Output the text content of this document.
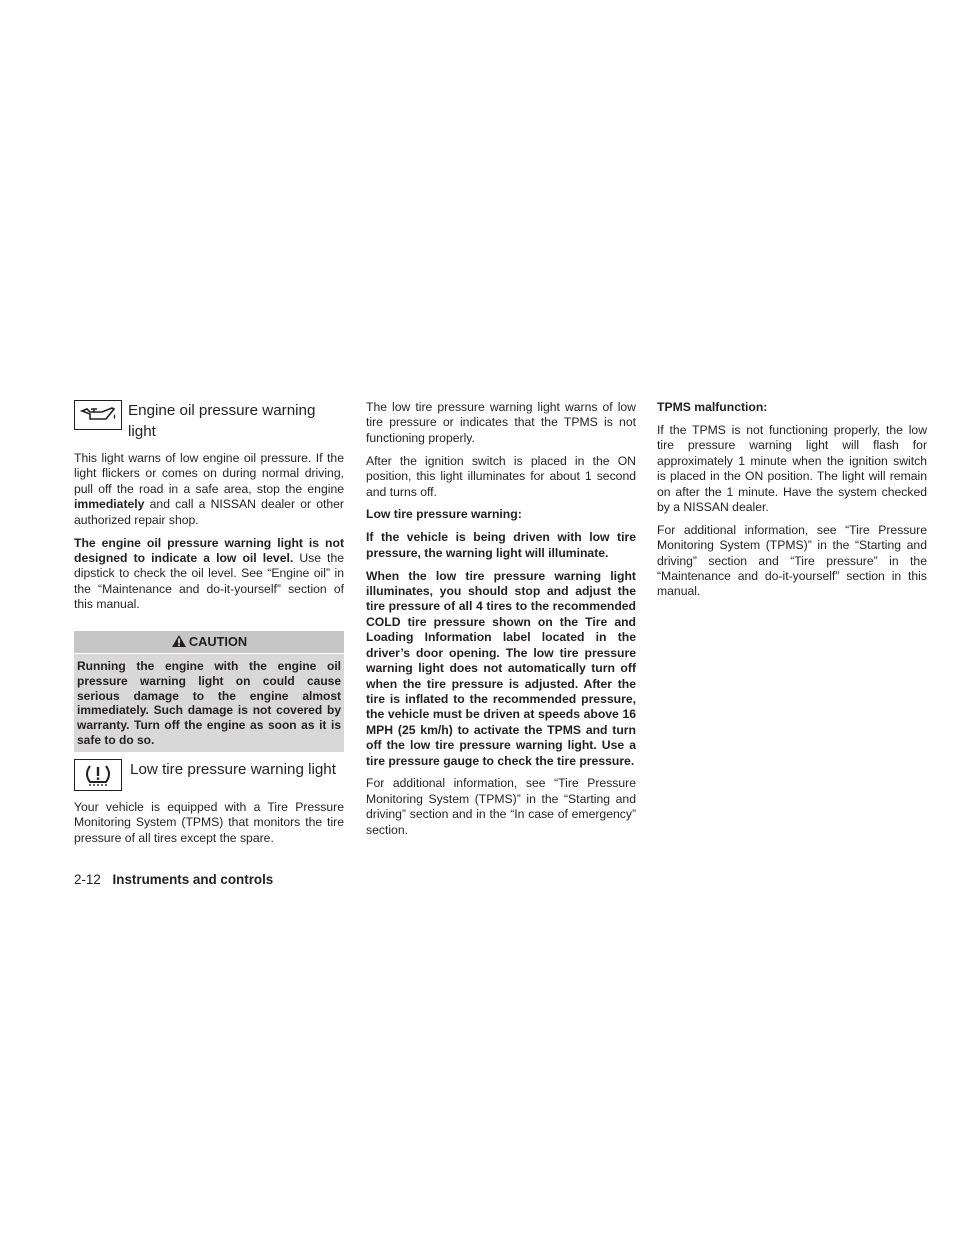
Engine oil pressure warning light

This light warns of low engine oil pressure. If the light flickers or comes on during normal driving, pull off the road in a safe area, stop the engine immediately and call a NISSAN dealer or other authorized repair shop.

The engine oil pressure warning light is not designed to indicate a low oil level. Use the dipstick to check the oil level. See “Engine oil” in the “Maintenance and do-it-yourself” section of this manual.

CAUTION
Running the engine with the engine oil pressure warning light on could cause serious damage to the engine almost immediately. Such damage is not covered by warranty. Turn off the engine as soon as it is safe to do so.
Low tire pressure warning light

Your vehicle is equipped with a Tire Pressure Monitoring System (TPMS) that monitors the tire pressure of all tires except the spare.

The low tire pressure warning light warns of low tire pressure or indicates that the TPMS is not functioning properly.

After the ignition switch is placed in the ON position, this light illuminates for about 1 second and turns off.

Low tire pressure warning:

If the vehicle is being driven with low tire pressure, the warning light will illuminate.

When the low tire pressure warning light illuminates, you should stop and adjust the tire pressure of all 4 tires to the recommended COLD tire pressure shown on the Tire and Loading Information label located in the driver’s door opening. The low tire pressure warning light does not automatically turn off when the tire pressure is adjusted. After the tire is inflated to the recommended pressure, the vehicle must be driven at speeds above 16 MPH (25 km/h) to activate the TPMS and turn off the low tire pressure warning light. Use a tire pressure gauge to check the tire pressure.

For additional information, see “Tire Pressure Monitoring System (TPMS)” in the “Starting and driving” section and in the “In case of emergency” section.

TPMS malfunction:

If the TPMS is not functioning properly, the low tire pressure warning light will flash for approximately 1 minute when the ignition switch is placed in the ON position. The light will remain on after the 1 minute. Have the system checked by a NISSAN dealer.

For additional information, see “Tire Pressure Monitoring System (TPMS)” in the “Starting and driving” section and “Tire pressure” in the “Maintenance and do-it-yourself” section in this manual.

2-12 Instruments and controls
